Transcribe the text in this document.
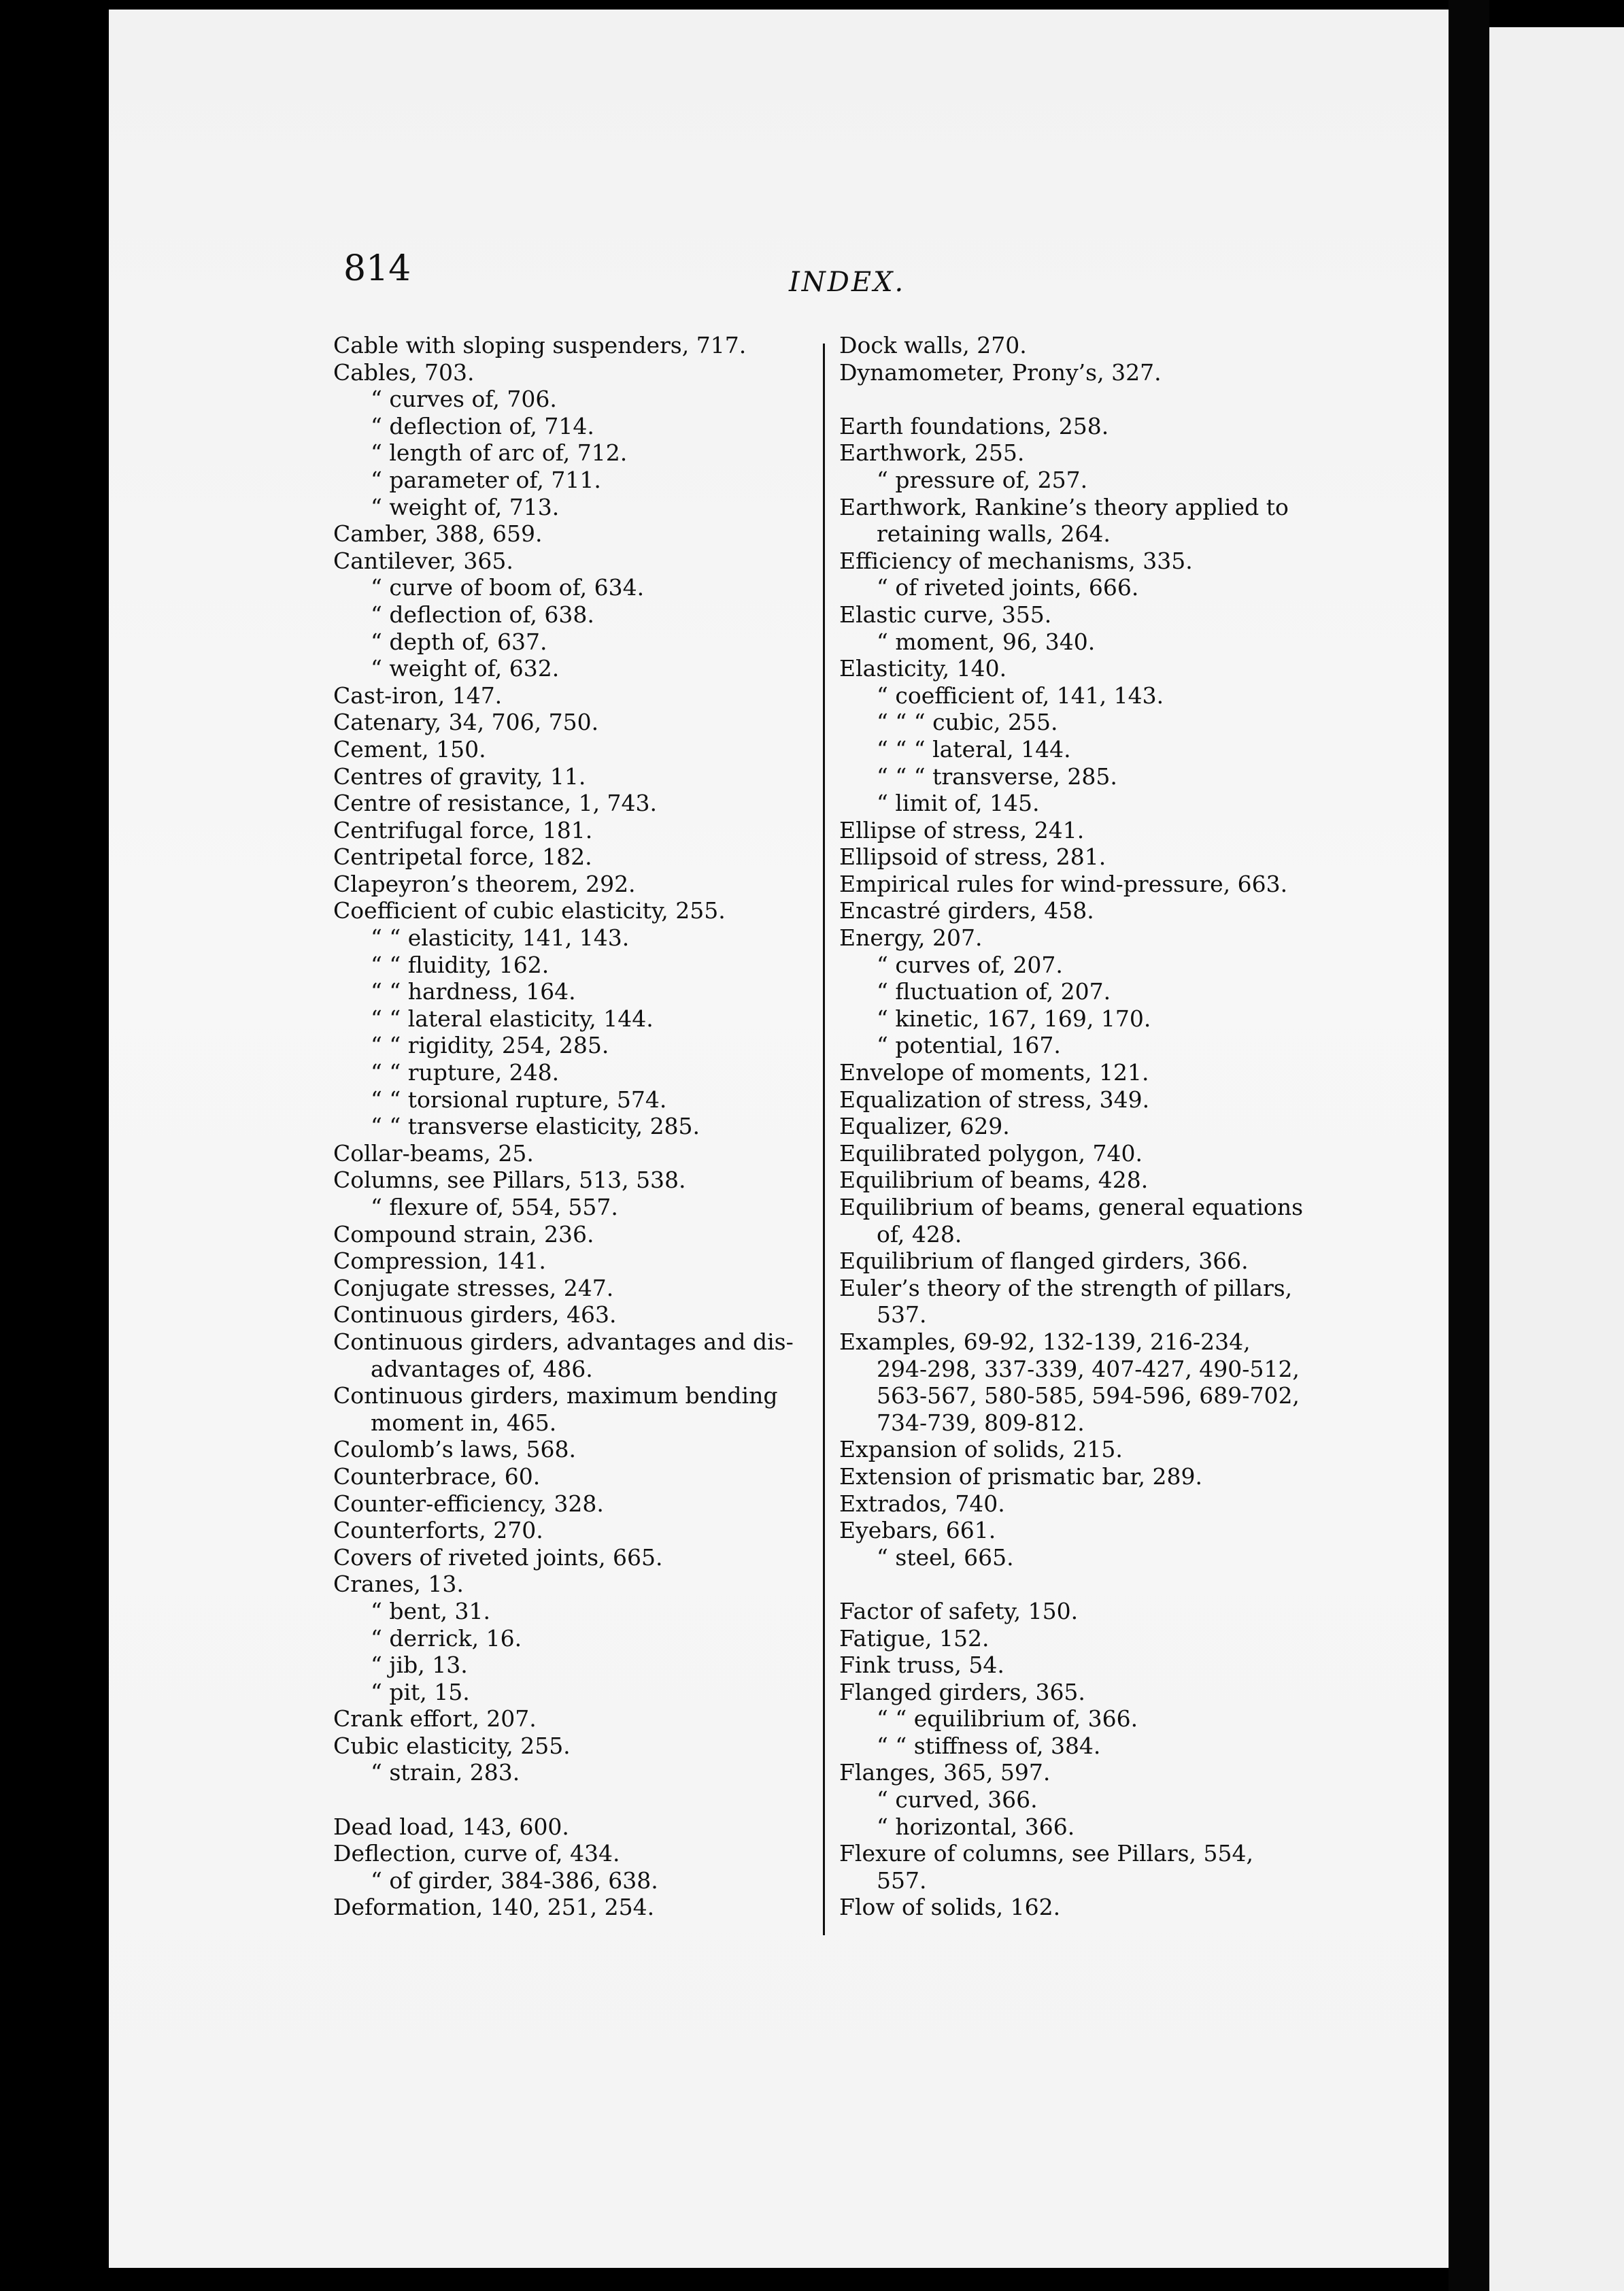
814	INDEX.
Cable with sloping suspenders, 717.
Cables, 703.
“ curves of, 706.
“ deflection of, 714.
“ length of arc of, 712.
“ parameter of, 711.
“ weight of, 713.
Camber, 388, 659.
Cantilever, 365.
“ curve of boom of, 634.
“ deflection of, 638.
“ depth of, 637.
“ weight of, 632.
Cast-iron, 147.
Catenary, 34, 706, 750.
Cement, 150.
Centres of gravity, 11.
Centre of resistance, 1, 743.
Centrifugal force, 181.
Centripetal force, 182.
Clapeyron’s theorem, 292.
Coefficient of cubic elasticity, 255.
“ “ elasticity, 141, 143.
“ “ fluidity, 162.
“ “ hardness, 164.
“ “ lateral elasticity, 144.
“ “ rigidity, 254, 285.
“ “ rupture, 248.
“ “ torsional rupture, 574.
“ “ transverse elasticity, 285.
Collar-beams, 25.
Columns, see Pillars, 513, 538.
“ flexure of, 554, 557.
Compound strain, 236.
Compression, 141.
Conjugate stresses, 247.
Continuous girders, 463.
Continuous girders, advantages and dis-
advantages of, 486.
Continuous girders, maximum bending
moment in, 465.
Coulomb’s laws, 568.
Counterbrace, 60.
Counter-efficiency, 328.
Counterforts, 270.
Covers of riveted joints, 665.
Cranes, 13.
“ bent, 31.
“ derrick, 16.
“ jib, 13.
“ pit, 15.
Crank effort, 207.
Cubic elasticity, 255.
“ strain, 283.
Dead load, 143, 600.
Deflection, curve of, 434.
“ of girder, 384-386, 638.
Deformation, 140, 251, 254.
Dock walls, 270.
Dynamometer, Prony’s, 327.
Earth foundations, 258.
Earthwork, 255.
“ pressure of, 257.
Earthwork, Rankine’s theory applied to
retaining walls, 264.
Efficiency of mechanisms, 335.
“ of riveted joints, 666.
Elastic curve, 355.
“ moment, 96, 340.
Elasticity, 140.
“ coefficient of, 141, 143.
“ “ “ cubic, 255.
“ “ “ lateral, 144.
“ “ “ transverse, 285.
“ limit of, 145.
Ellipse of stress, 241.
Ellipsoid of stress, 281.
Empirical rules for wind-pressure, 663.
Encastré girders, 458.
Energy, 207.
“ curves of, 207.
“ fluctuation of, 207.
“ kinetic, 167, 169, 170.
“ potential, 167.
Envelope of moments, 121.
Equalization of stress, 349.
Equalizer, 629.
Equilibrated polygon, 740.
Equilibrium of beams, 428.
Equilibrium of beams, general equations
of, 428.
Equilibrium of flanged girders, 366.
Euler’s theory of the strength of pillars,
537.
Examples, 69-92, 132-139, 216-234,
294-298, 337-339, 407-427, 490-512,
563-567, 580-585, 594-596, 689-702,
734-739, 809-812.
Expansion of solids, 215.
Extension of prismatic bar, 289.
Extrados, 740.
Eyebars, 661.
“ steel, 665.
Factor of safety, 150.
Fatigue, 152.
Fink truss, 54.
Flanged girders, 365.
“ “ equilibrium of, 366.
“ “ stiffness of, 384.
Flanges, 365, 597.
“ curved, 366.
“ horizontal, 366.
Flexure of columns, see Pillars, 554,
557.
Flow of solids, 162.
